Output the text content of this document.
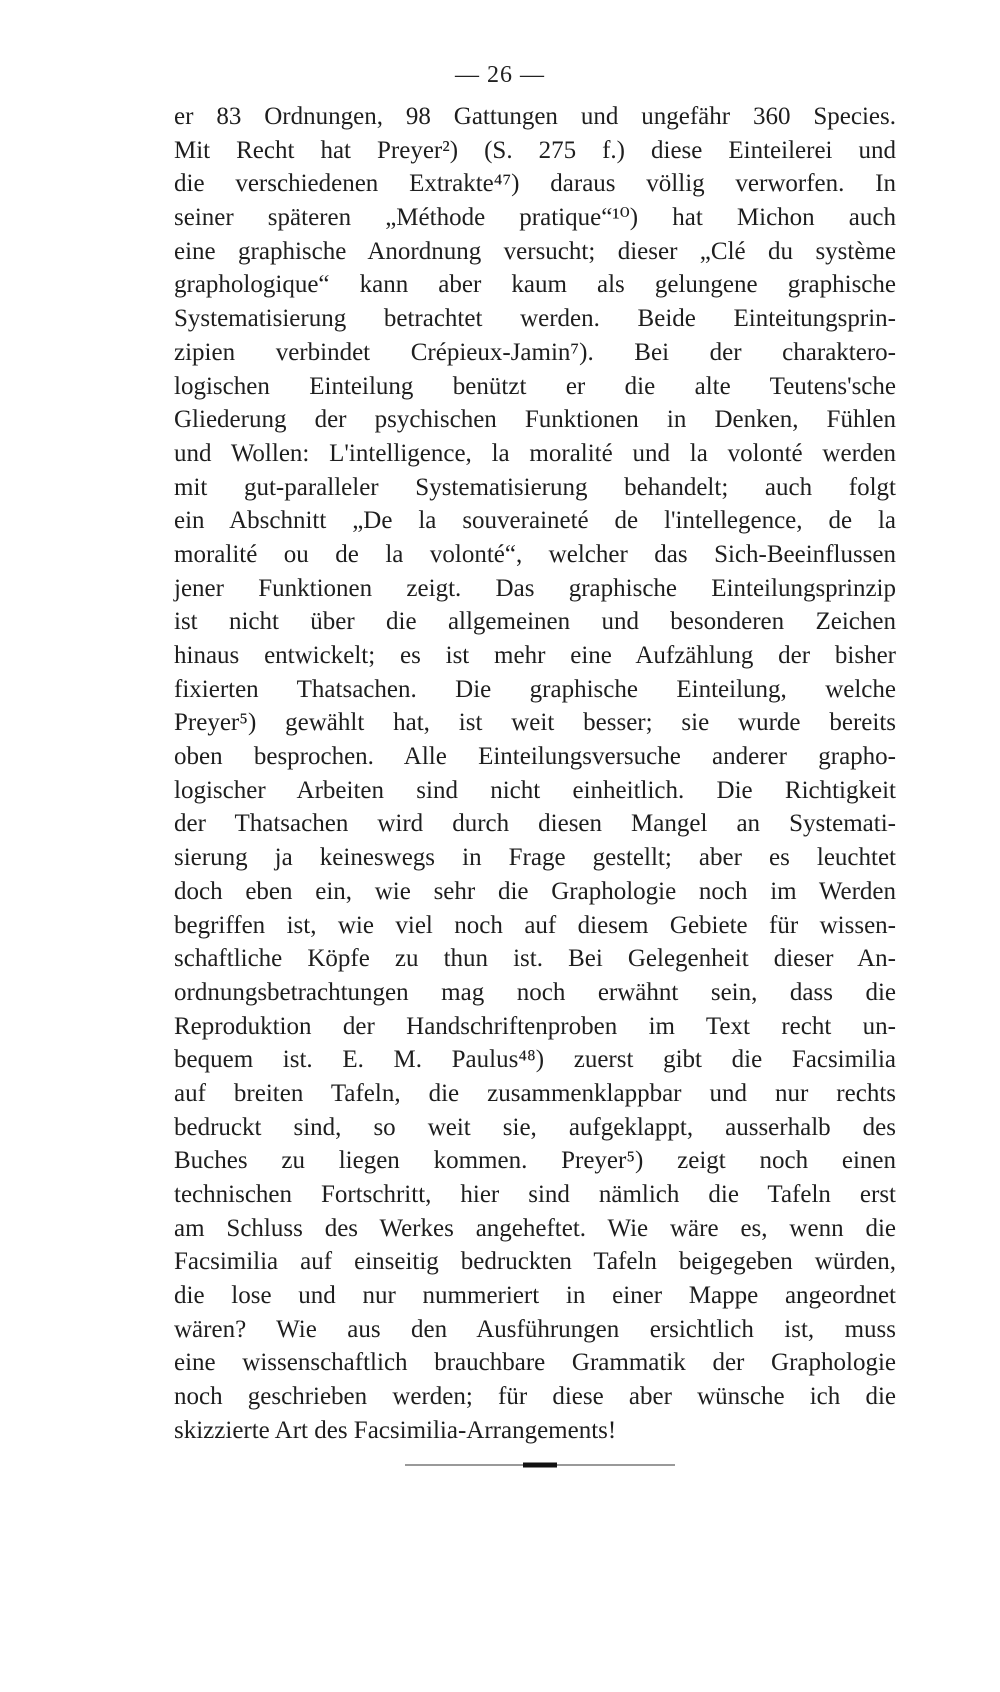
— 26 —
er 83 Ordnungen, 98 Gattungen und ungefähr 360 Species.
Mit Recht hat Preyer²) (S. 275 f.) diese Einteilerei und
die verschiedenen Extrakte⁴⁷) daraus völlig verworfen. In
seiner späteren „Méthode pratique“¹⁰) hat Michon auch
eine graphische Anordnung versucht; dieser „Clé du système
graphologique“ kann aber kaum als gelungene graphische
Systematisierung betrachtet werden. Beide Einteitungsprin-
zipien verbindet Crépieux-Jamin⁷). Bei der charaktero-
logischen Einteilung benützt er die alte Teutens'sche
Gliederung der psychischen Funktionen in Denken, Fühlen
und Wollen: L'intelligence, la moralité und la volonté werden
mit gut-paralleler Systematisierung behandelt; auch folgt
ein Abschnitt „De la souveraineté de l'intellegence, de la
moralité ou de la volonté“, welcher das Sich-Beeinflussen
jener Funktionen zeigt. Das graphische Einteilungsprinzip
ist nicht über die allgemeinen und besonderen Zeichen
hinaus entwickelt; es ist mehr eine Aufzählung der bisher
fixierten Thatsachen. Die graphische Einteilung, welche
Preyer⁵) gewählt hat, ist weit besser; sie wurde bereits
oben besprochen. Alle Einteilungsversuche anderer grapho-
logischer Arbeiten sind nicht einheitlich. Die Richtigkeit
der Thatsachen wird durch diesen Mangel an Systemati-
sierung ja keineswegs in Frage gestellt; aber es leuchtet
doch eben ein, wie sehr die Graphologie noch im Werden
begriffen ist, wie viel noch auf diesem Gebiete für wissen-
schaftliche Köpfe zu thun ist. Bei Gelegenheit dieser An-
ordnungsbetrachtungen mag noch erwähnt sein, dass die
Reproduktion der Handschriftenproben im Text recht un-
bequem ist. E. M. Paulus⁴⁸) zuerst gibt die Facsimilia
auf breiten Tafeln, die zusammenklappbar und nur rechts
bedruckt sind, so weit sie, aufgeklappt, ausserhalb des
Buches zu liegen kommen. Preyer⁵) zeigt noch einen
technischen Fortschritt, hier sind nämlich die Tafeln erst
am Schluss des Werkes angeheftet. Wie wäre es, wenn die
Facsimilia auf einseitig bedruckten Tafeln beigegeben würden,
die lose und nur nummeriert in einer Mappe angeordnet
wären? Wie aus den Ausführungen ersichtlich ist, muss
eine wissenschaftlich brauchbare Grammatik der Graphologie
noch geschrieben werden; für diese aber wünsche ich die
skizzierte Art des Facsimilia-Arrangements!
